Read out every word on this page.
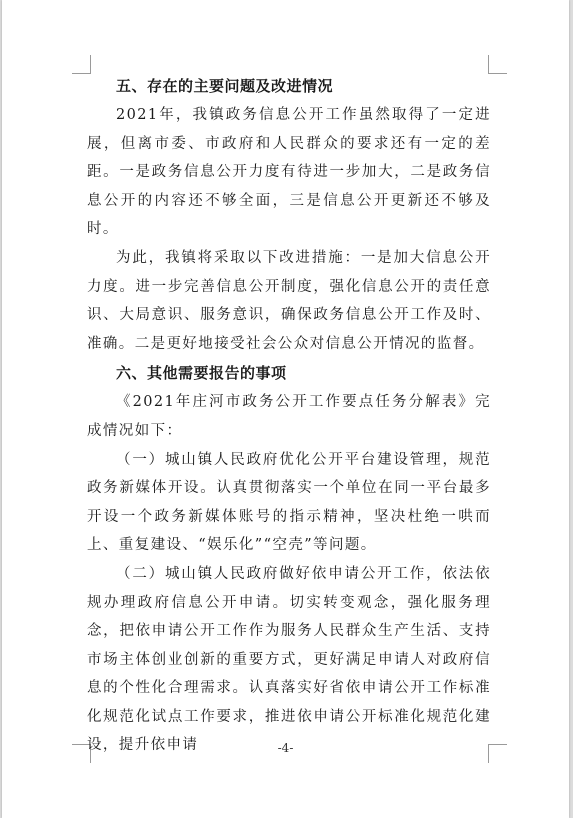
五、存在的主要问题及改进情况

2021年，我镇政务信息公开工作虽然取得了一定进展，但离市委、市政府和人民群众的要求还有一定的差距。一是政务信息公开力度有待进一步加大，二是政务信息公开的内容还不够全面，三是信息公开更新还不够及时。

为此，我镇将采取以下改进措施：一是加大信息公开力度。进一步完善信息公开制度，强化信息公开的责任意识、大局意识、服务意识，确保政务信息公开工作及时、准确。二是更好地接受社会公众对信息公开情况的监督。

六、其他需要报告的事项

《2021年庄河市政务公开工作要点任务分解表》完成情况如下：

（一）城山镇人民政府优化公开平台建设管理，规范政务新媒体开设。认真贯彻落实一个单位在同一平台最多开设一个政务新媒体账号的指示精神，坚决杜绝一哄而上、重复建设、“娱乐化”“空壳”等问题。

（二）城山镇人民政府做好依申请公开工作，依法依规办理政府信息公开申请。切实转变观念，强化服务理念，把依申请公开工作作为服务人民群众生产生活、支持市场主体创业创新的重要方式，更好满足申请人对政府信息的个性化合理需求。认真落实好省依申请公开工作标准化规范化试点工作要求，推进依申请公开标准化规范化建设，提升依申请	-4-
